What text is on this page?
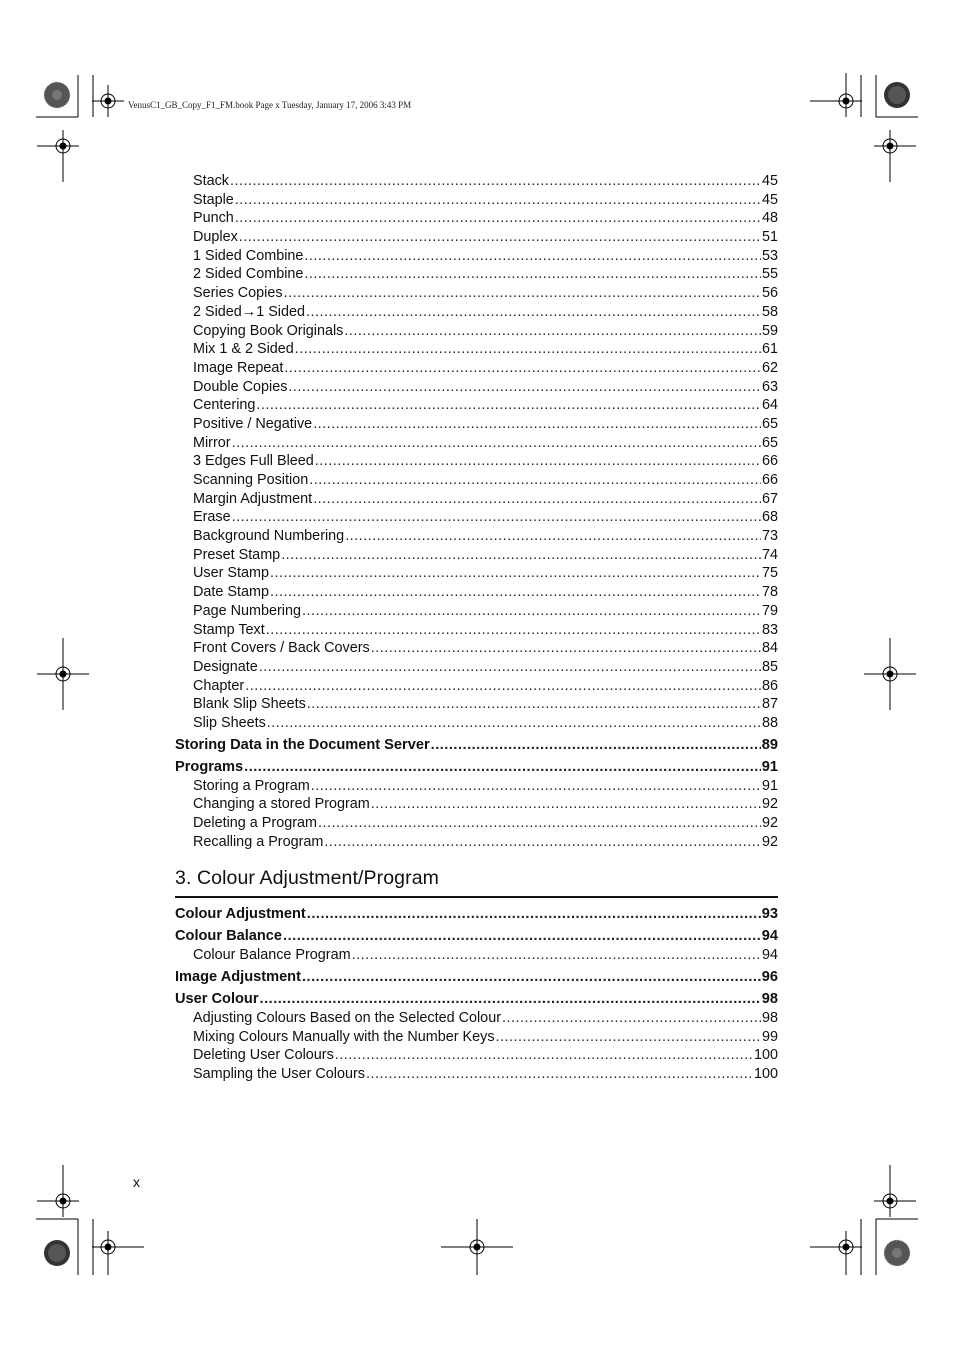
VenusC1_GB_Copy_F1_FM.book Page x Tuesday, January 17, 2006 3:43 PM
Stack .....	45
Staple .....	45
Punch .....	48
Duplex .....	51
1 Sided Combine .....	53
2 Sided Combine .....	55
Series Copies .....	56
2 Sided→1 Sided .....	58
Copying Book Originals .....	59
Mix 1 & 2 Sided .....	61
Image Repeat .....	62
Double Copies .....	63
Centering .....	64
Positive / Negative .....	65
Mirror .....	65
3 Edges Full Bleed .....	66
Scanning Position .....	66
Margin Adjustment .....	67
Erase .....	68
Background Numbering .....	73
Preset Stamp .....	74
User Stamp .....	75
Date Stamp .....	78
Page Numbering .....	79
Stamp Text .....	83
Front Covers / Back Covers .....	84
Designate .....	85
Chapter .....	86
Blank Slip Sheets .....	87
Slip Sheets .....	88
Storing Data in the Document Server .....	89
Programs .....	91
Storing a Program .....	91
Changing a stored Program .....	92
Deleting a Program .....	92
Recalling a Program .....	92
3. Colour Adjustment/Program
Colour Adjustment .....	93
Colour Balance .....	94
Colour Balance Program .....	94
Image Adjustment .....	96
User Colour .....	98
Adjusting Colours Based on the Selected Colour .....	98
Mixing Colours Manually with the Number Keys .....	99
Deleting User Colours .....	100
Sampling the User Colours .....	100
x
